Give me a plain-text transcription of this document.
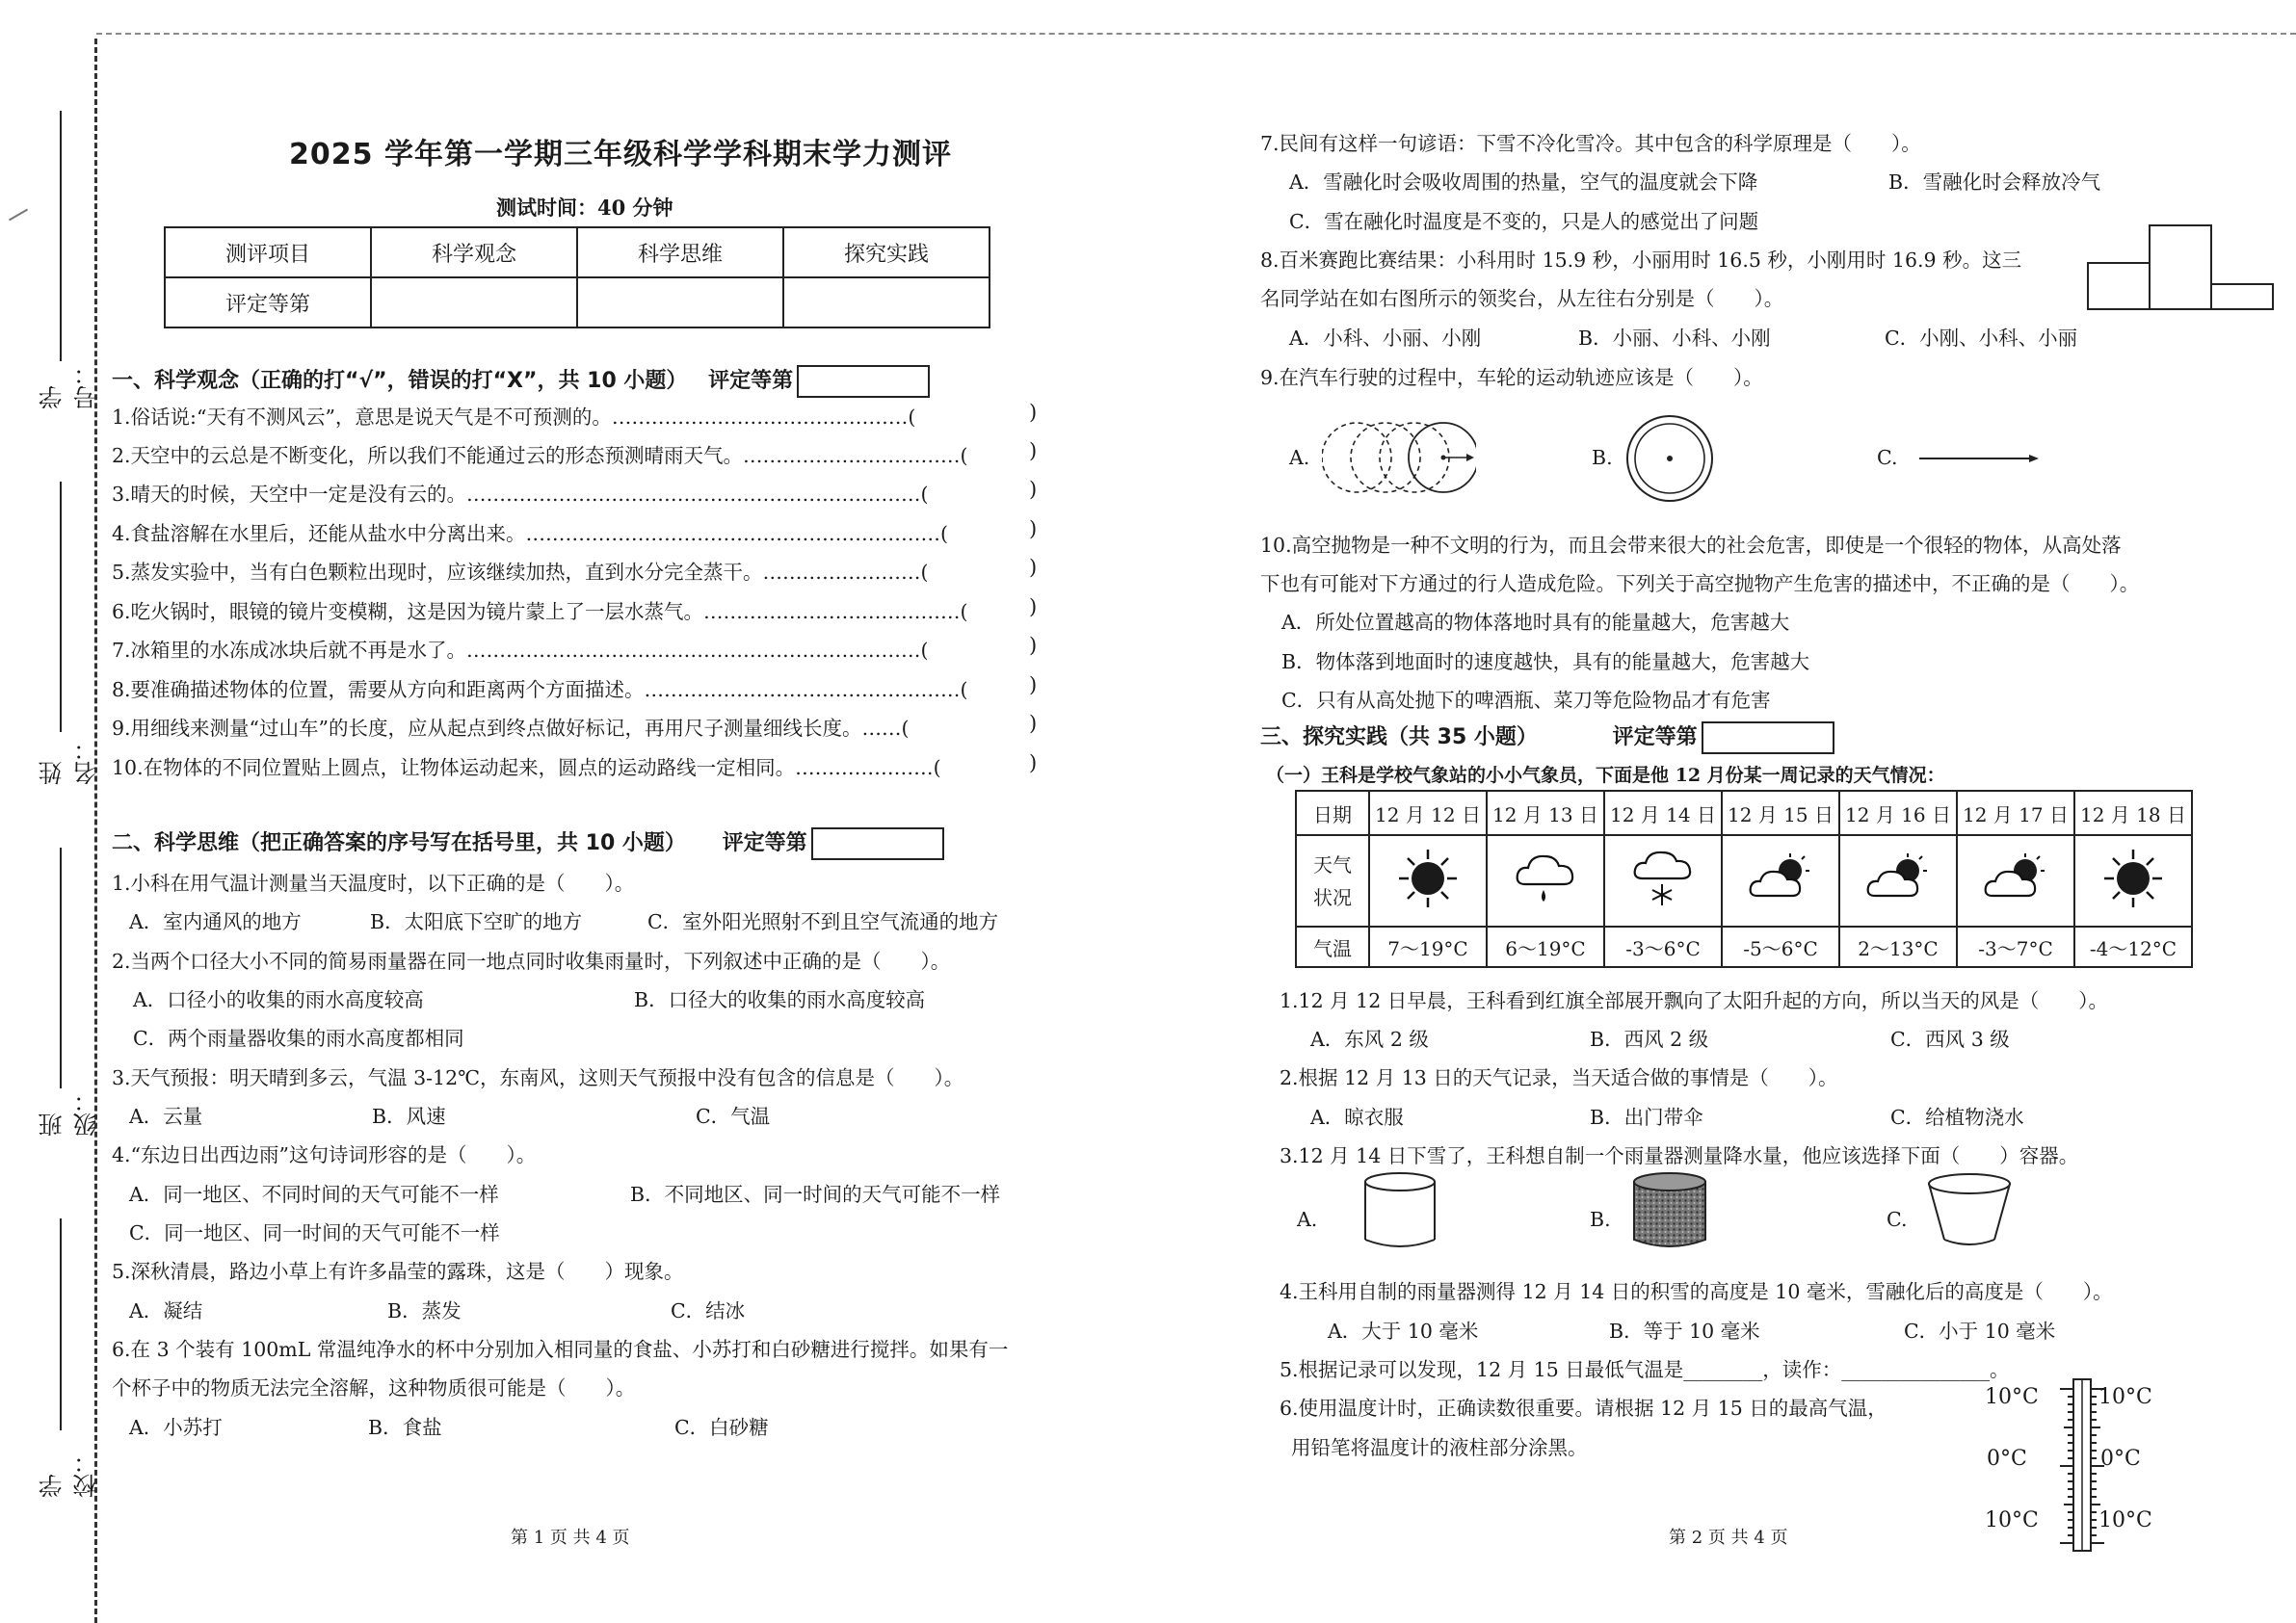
学号：
姓名：
班级：
学校：
2025 学年第一学期三年级科学学科期末学力测评
测试时间：40 分钟
测评项目	科学观念	科学思维	探究实践
评定等第			
一、科学观念（正确的打“√”，错误的打“X”，共 10 小题） 评定等第
1.俗话说:“天有不测风云”，意思是说天气是不可预测的。………………………………………(
2.天空中的云总是不断变化，所以我们不能通过云的形态预测晴雨天气。……………………………(
3.晴天的时候，天空中一定是没有云的。……………………………………………………………(
4.食盐溶解在水里后，还能从盐水中分离出来。………………………………………………………(
5.蒸发实验中，当有白色颗粒出现时，应该继续加热，直到水分完全蒸干。……………………(
6.吃火锅时，眼镜的镜片变模糊，这是因为镜片蒙上了一层水蒸气。…………………………………(
7.冰箱里的水冻成冰块后就不再是水了。……………………………………………………………(
8.要准确描述物体的位置，需要从方向和距离两个方面描述。…………………………………………(
9.用细线来测量“过山车”的长度，应从起点到终点做好标记，再用尺子测量细线长度。……(
10.在物体的不同位置贴上圆点，让物体运动起来，圆点的运动路线一定相同。…………………(
)
)
)
)
)
)
)
)
)
)
二、科学思维（把正确答案的序号写在括号里，共 10 小题） 评定等第
1.小科在用气温计测量当天温度时，以下正确的是（　　）。
A．室内通风的地方	B．太阳底下空旷的地方	C．室外阳光照射不到且空气流通的地方
2.当两个口径大小不同的简易雨量器在同一地点同时收集雨量时，下列叙述中正确的是（　　）。
A．口径小的收集的雨水高度较高	B．口径大的收集的雨水高度较高
C．两个雨量器收集的雨水高度都相同
3.天气预报：明天晴到多云，气温 3-12℃，东南风，这则天气预报中没有包含的信息是（　　）。
A．云量	B．风速	C．气温
4.“东边日出西边雨”这句诗词形容的是（　　）。
A．同一地区、不同时间的天气可能不一样	B．不同地区、同一时间的天气可能不一样
C．同一地区、同一时间的天气可能不一样
5.深秋清晨，路边小草上有许多晶莹的露珠，这是（　　）现象。
A．凝结	B．蒸发	C．结冰
6.在 3 个装有 100mL 常温纯净水的杯中分别加入相同量的食盐、小苏打和白砂糖进行搅拌。如果有一
个杯子中的物质无法完全溶解，这种物质很可能是（　　）。
A．小苏打	B．食盐	C．白砂糖
第 1 页 共 4 页
7.民间有这样一句谚语：下雪不冷化雪冷。其中包含的科学原理是（　　）。
A．雪融化时会吸收周围的热量，空气的温度就会下降	B．雪融化时会释放冷气
C．雪在融化时温度是不变的，只是人的感觉出了问题
8.百米赛跑比赛结果：小科用时 15.9 秒，小丽用时 16.5 秒，小刚用时 16.9 秒。这三
名同学站在如右图所示的领奖台，从左往右分别是（　　）。
A．小科、小丽、小刚	B．小丽、小科、小刚	C．小刚、小科、小丽
9.在汽车行驶的过程中，车轮的运动轨迹应该是（　　）。
A.	B.	C.
10.高空抛物是一种不文明的行为，而且会带来很大的社会危害，即使是一个很轻的物体，从高处落
下也有可能对下方通过的行人造成危险。下列关于高空抛物产生危害的描述中，不正确的是（　　）。
A．所处位置越高的物体落地时具有的能量越大，危害越大
B．物体落到地面时的速度越快，具有的能量越大，危害越大
C．只有从高处抛下的啤酒瓶、菜刀等危险物品才有危害
三、探究实践（共 35 小题）	评定等第
（一）王科是学校气象站的小小气象员，下面是他 12 月份某一周记录的天气情况：
日期	12 月 12 日	12 月 13 日	12 月 14 日	12 月 15 日	12 月 16 日	12 月 17 日	12 月 18 日
天气状况							
气温	7～19°C	6～19°C	-3～6°C	-5～6°C	2～13°C	-3～7°C	-4～12°C
1.12 月 12 日早晨，王科看到红旗全部展开飘向了太阳升起的方向，所以当天的风是（　　）。
A．东风 2 级	B．西风 2 级	C．西风 3 级
2.根据 12 月 13 日的天气记录，当天适合做的事情是（　　）。
A．晾衣服	B．出门带伞	C．给植物浇水
3.12 月 14 日下雪了，王科想自制一个雨量器测量降水量，他应该选择下面（　　）容器。
A.	B.	C.
4.王科用自制的雨量器测得 12 月 14 日的积雪的高度是 10 毫米，雪融化后的高度是（　　）。
A．大于 10 毫米	B．等于 10 毫米	C．小于 10 毫米
5.根据记录可以发现，12 月 15 日最低气温是________，读作：_______________。
6.使用温度计时，正确读数很重要。请根据 12 月 15 日的最高气温，
用铅笔将温度计的液柱部分涂黑。
10°C	10°C
0°C	0°C
10°C	10°C
第 2 页 共 4 页
